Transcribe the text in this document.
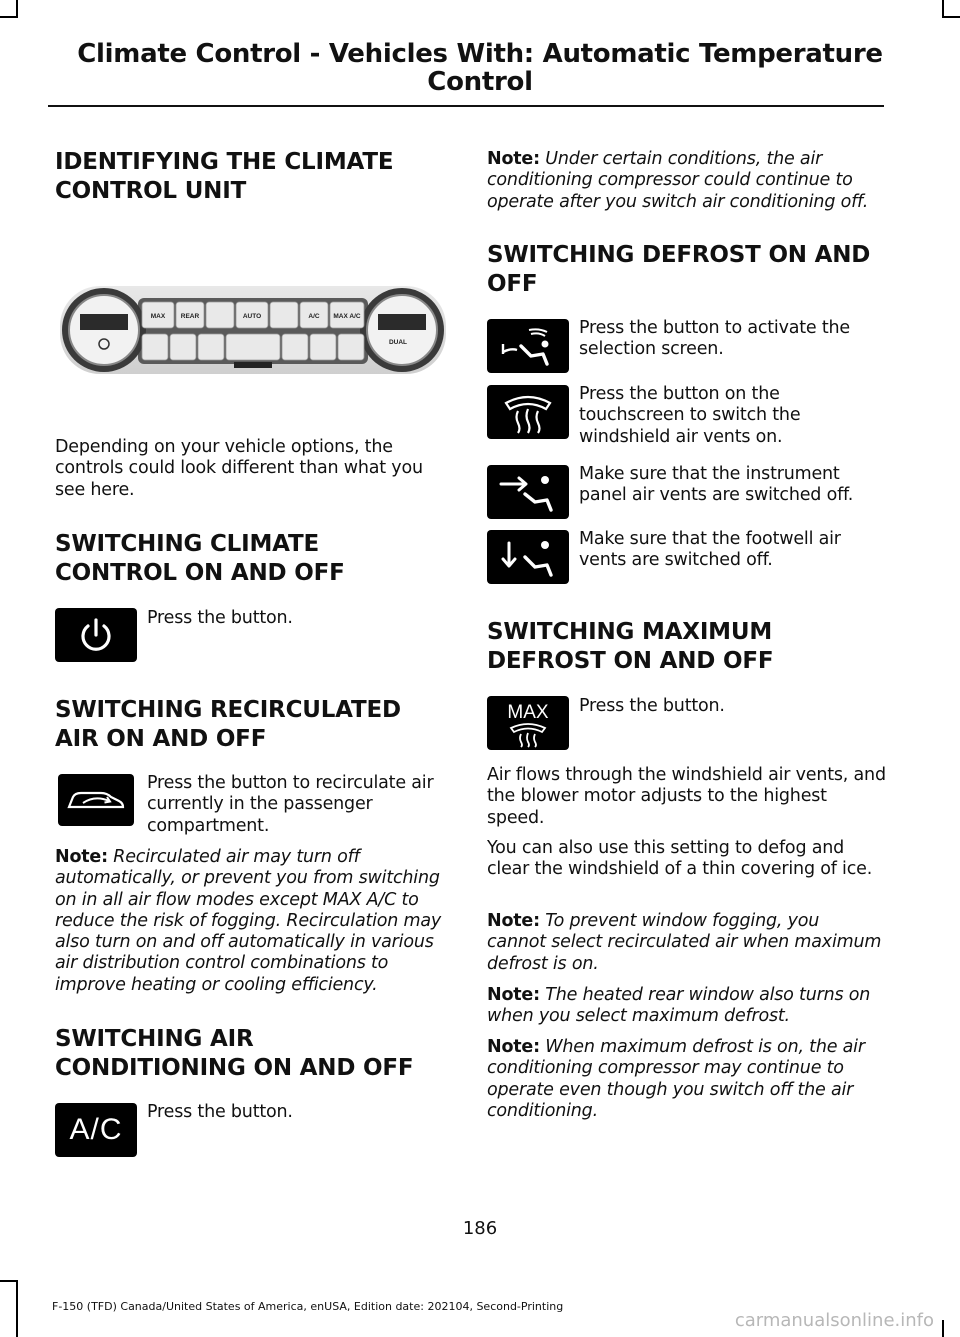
Climate Control - Vehicles With: Automatic Temperature Control
IDENTIFYING THE CLIMATE CONTROL UNIT
MAX REAR	AUTO	A/C MAX A/C
DUAL

Depending on your vehicle options, the controls could look different than what you see here.

SWITCHING CLIMATE CONTROL ON AND OFF
Press the button.
SWITCHING RECIRCULATED AIR ON AND OFF

Press the button to recirculate air currently in the passenger compartment.

Note: Recirculated air may turn off automatically, or prevent you from switching on in all air flow modes except MAX A/C to reduce the risk of fogging. Recirculation may also turn on and off automatically in various air distribution control combinations to improve heating or cooling efficiency.

SWITCHING AIR CONDITIONING ON AND OFF
A/C
Press the button.

Note: Under certain conditions, the air conditioning compressor could continue to operate after you switch air conditioning off.

SWITCHING DEFROST ON AND OFF
Press the button to activate the selection screen.
Press the button on the touchscreen to switch the windshield air vents on.
Make sure that the instrument panel air vents are switched off.
Make sure that the footwell air vents are switched off.
SWITCHING MAXIMUM DEFROST ON AND OFF
MAX Press the button.

Air flows through the windshield air vents, and the blower motor adjusts to the highest speed.

You can also use this setting to defog and clear the windshield of a thin covering of ice.

Note: To prevent window fogging, you cannot select recirculated air when maximum defrost is on.

Note: The heated rear window also turns on when you select maximum defrost.

Note: When maximum defrost is on, the air conditioning compressor may continue to operate even though you switch off the air conditioning.

186
F-150 (TFD) Canada/United States of America, enUSA, Edition date: 202104, Second-Printing
carmanualsonline.info
